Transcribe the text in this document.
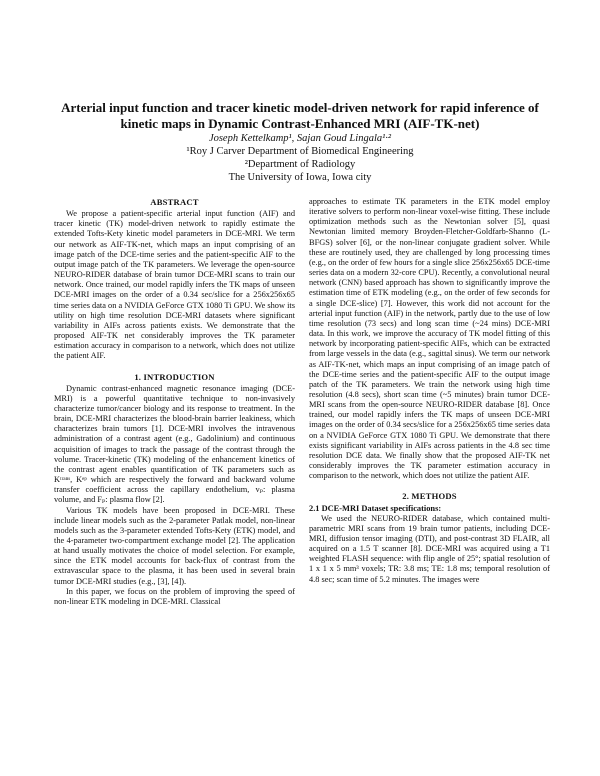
Arterial input function and tracer kinetic model-driven network for rapid inference of kinetic maps in Dynamic Contrast-Enhanced MRI (AIF-TK-net)
Joseph Kettelkamp¹, Sajan Goud Lingala¹·²
¹Roy J Carver Department of Biomedical Engineering
²Department of Radiology
The University of Iowa, Iowa city
ABSTRACT

We propose a patient-specific arterial input function (AIF) and tracer kinetic (TK) model-driven network to rapidly estimate the extended Tofts-Kety kinetic model parameters in DCE-MRI. We term our network as AIF-TK-net, which maps an input comprising of an image patch of the DCE-time series and the patient-specific AIF to the output image patch of the TK parameters. We leverage the open-source NEURO-RIDER database of brain tumor DCE-MRI scans to train our network. Once trained, our model rapidly infers the TK maps of unseen DCE-MRI images on the order of a 0.34 sec/slice for a 256x256x65 time series data on a NVIDIA GeForce GTX 1080 Ti GPU. We show its utility on high time resolution DCE-MRI datasets where significant variability in AIFs across patients exists. We demonstrate that the proposed AIF-TK net considerably improves the TK parameter estimation accuracy in comparison to a network, which does not utilize the patient AIF.

1. INTRODUCTION

Dynamic contrast-enhanced magnetic resonance imaging (DCE-MRI) is a powerful quantitative technique to non-invasively characterize tumor/cancer biology and its response to treatment. In the brain, DCE-MRI characterizes the blood-brain barrier leakiness, which characterizes brain tumors [1]. DCE-MRI involves the intravenous administration of a contrast agent (e.g., Gadolinium) and continuous acquisition of images to track the passage of the contrast through the volume. Tracer-kinetic (TK) modeling of the enhancement kinetics of the contrast agent enables quantification of TK parameters such as Kᵗʳᵃⁿˢ, Kᵉᵖ which are respectively the forward and backward volume transfer coefficient across the capillary endothelium, vₚ: plasma volume, and Fₚ: plasma flow [2].

Various TK models have been proposed in DCE-MRI. These include linear models such as the 2-parameter Patlak model, non-linear models such as the 3-parameter extended Tofts-Kety (ETK) model, and the 4-parameter two-compartment exchange model [2]. The application at hand usually motivates the choice of model selection. For example, since the ETK model accounts for back-flux of contrast from the extravascular space to the plasma, it has been used in several brain tumor DCE-MRI studies (e.g., [3], [4]).

In this paper, we focus on the problem of improving the speed of non-linear ETK modeling in DCE-MRI. Classical

approaches to estimate TK parameters in the ETK model employ iterative solvers to perform non-linear voxel-wise fitting. These include optimization methods such as the Newtonian solver [5], quasi Newtonian limited memory Broyden-Fletcher-Goldfarb-Shanno (L-BFGS) solver [6], or the non-linear conjugate gradient solver. While these are routinely used, they are challenged by long processing times (e.g., on the order of few hours for a single slice 256x256x65 DCE-time series data on a modern 32-core CPU). Recently, a convolutional neural network (CNN) based approach has shown to significantly improve the estimation time of ETK modeling (e.g., on the order of few seconds for a single DCE-slice) [7]. However, this work did not account for the arterial input function (AIF) in the network, partly due to the use of low time resolution (73 secs) and long scan time (~24 mins) DCE-MRI data. In this work, we improve the accuracy of TK model fitting of this network by incorporating patient-specific AIFs, which can be extracted from large vessels in the data (e.g., sagittal sinus). We term our network as AIF-TK-net, which maps an input comprising of an image patch of the DCE-time series and the patient-specific AIF to the output image patch of the TK parameters. We train the network using high time resolution (4.8 secs), short scan time (~5 minutes) brain tumor DCE-MRI scans from the open-source NEURO-RIDER database [8]. Once trained, our model rapidly infers the TK maps of unseen DCE-MRI images on the order of 0.34 secs/slice for a 256x256x65 time series data on a NVIDIA GeForce GTX 1080 Ti GPU. We demonstrate that there exists significant variability in AIFs across patients in the 4.8 sec time resolution DCE data. We finally show that the proposed AIF-TK net considerably improves the TK parameter estimation accuracy in comparison to the network, which does not utilize the patient AIF.

2. METHODS
2.1 DCE-MRI Dataset specifications:

We used the NEURO-RIDER database, which contained multi-parametric MRI scans from 19 brain tumor patients, including DCE-MRI, diffusion tensor imaging (DTI), and post-contrast 3D FLAIR, all acquired on a 1.5 T scanner [8]. DCE-MRI was acquired using a T1 weighted FLASH sequence: with flip angle of 25°; spatial resolution of 1 x 1 x 5 mm³ voxels; TR: 3.8 ms; TE: 1.8 ms; temporal resolution of 4.8 sec; scan time of 5.2 minutes. The images were
